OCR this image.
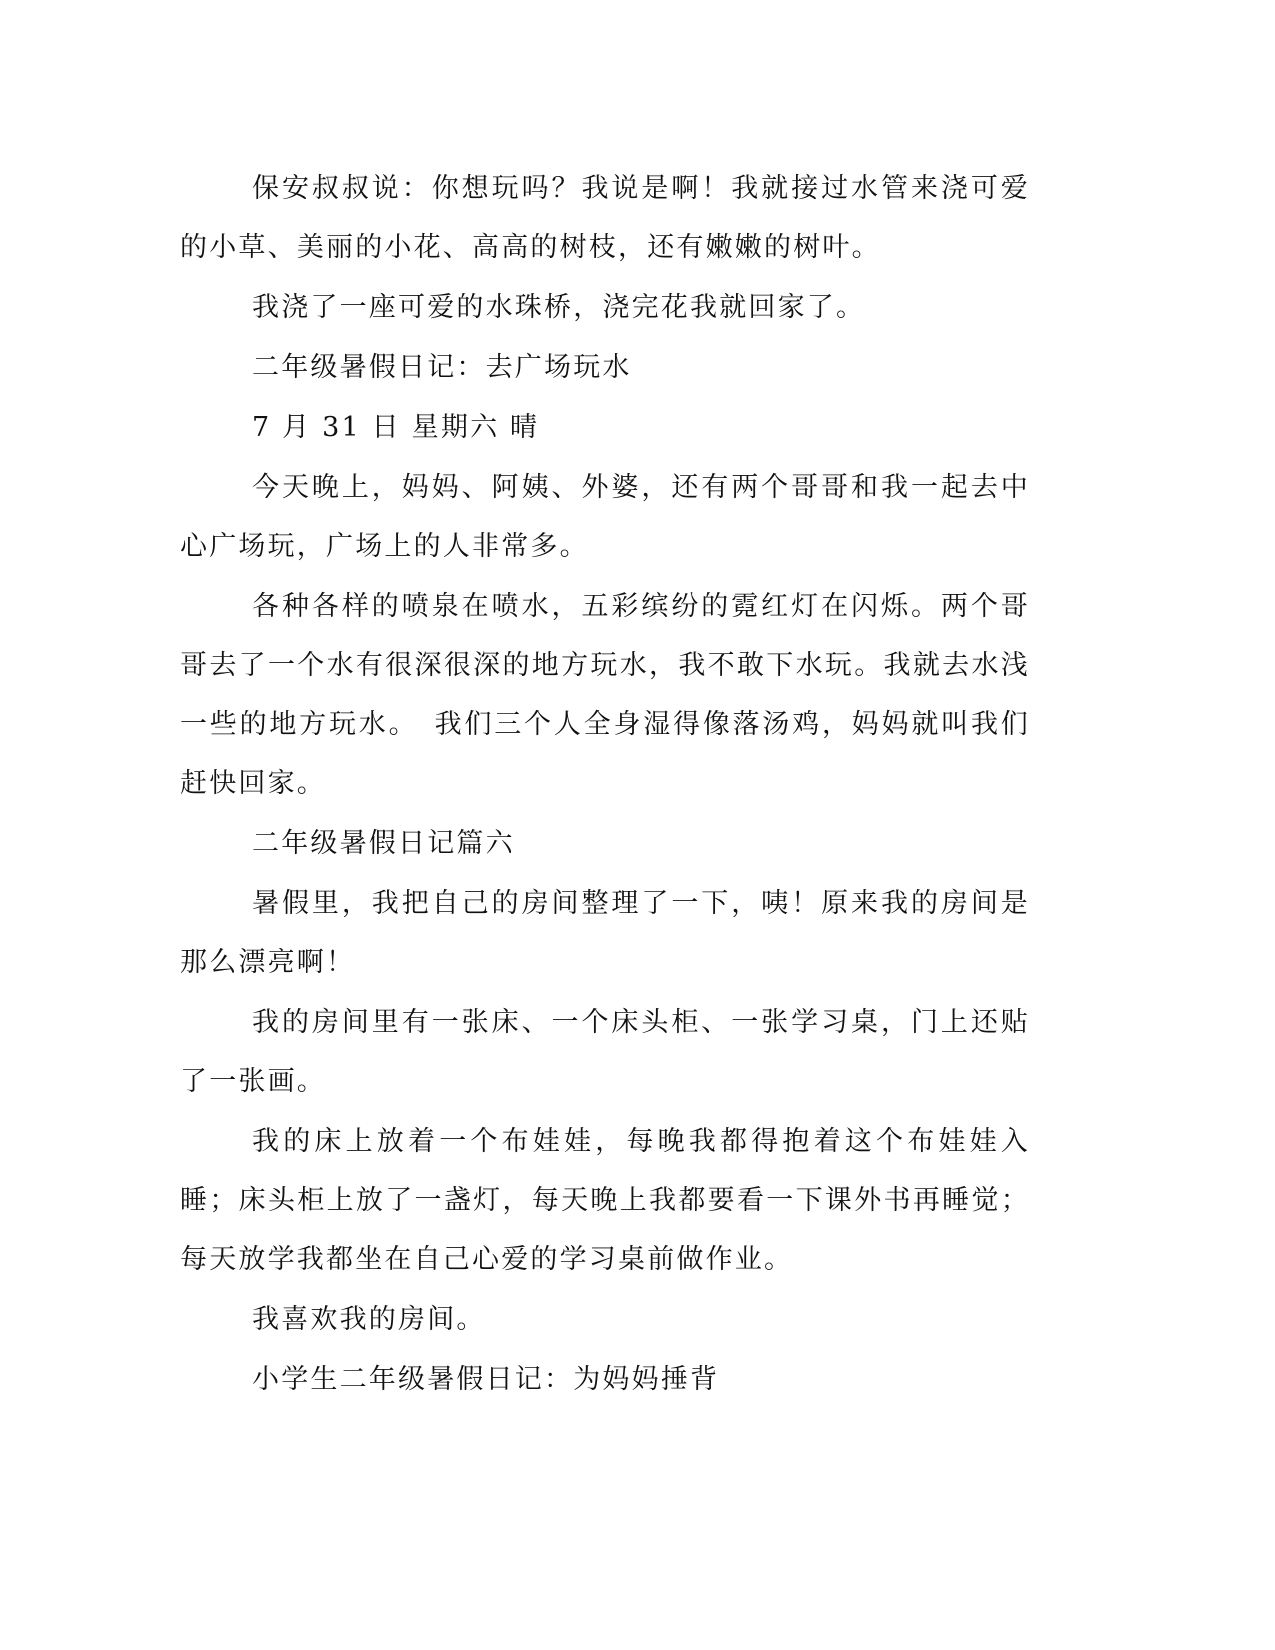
保安叔叔说：你想玩吗？我说是啊！我就接过水管来浇可爱的小草、美丽的小花、高高的树枝，还有嫩嫩的树叶。

我浇了一座可爱的水珠桥，浇完花我就回家了。

二年级暑假日记：去广场玩水

7 月 31 日 星期六 晴

今天晚上，妈妈、阿姨、外婆，还有两个哥哥和我一起去中心广场玩，广场上的人非常多。

各种各样的喷泉在喷水，五彩缤纷的霓红灯在闪烁。两个哥哥去了一个水有很深很深的地方玩水，我不敢下水玩。我就去水浅一些的地方玩水。　我们三个人全身湿得像落汤鸡，妈妈就叫我们赶快回家。

二年级暑假日记篇六

暑假里，我把自己的房间整理了一下，咦！原来我的房间是那么漂亮啊！

我的房间里有一张床、一个床头柜、一张学习桌，门上还贴了一张画。

我的床上放着一个布娃娃，每晚我都得抱着这个布娃娃入睡；床头柜上放了一盏灯，每天晚上我都要看一下课外书再睡觉；每天放学我都坐在自己心爱的学习桌前做作业。

我喜欢我的房间。

小学生二年级暑假日记：为妈妈捶背
